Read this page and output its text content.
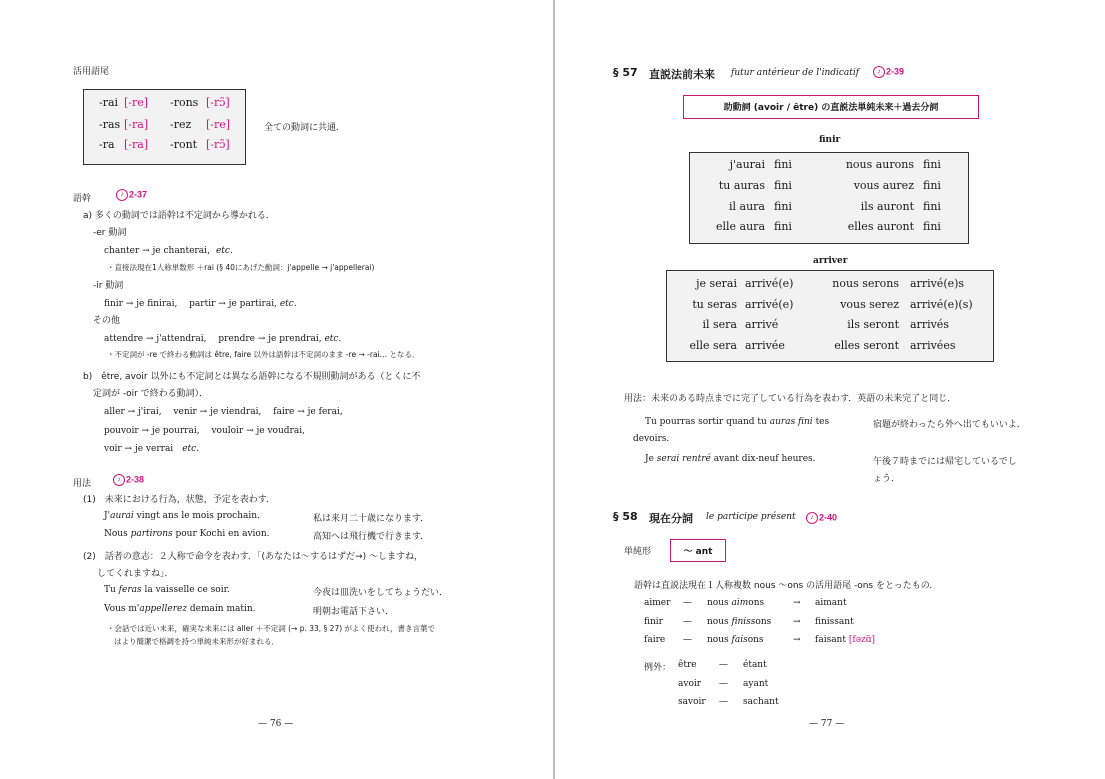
活用語尾
-rai [-re] -rons [-rɔ̃]
-ras [-ra] -rez [-re]
-ra [-ra] -ront [-rɔ̃]
全ての動詞に共通．
語幹	♪ 2-37
a) 多くの動詞では語幹は不定詞から導かれる．
-er 動詞
chanter → je chanterai，etc.
・直接法現在1人称単数形 ＋rai (§ 40にあげた動詞：j'appelle → j'appellerai)
-ir 動詞
finir → je finirai,　 partir → je partirai, etc.
その他
attendre → j'attendrai,　 prendre → je prendrai, etc.
・不定詞が -re で終わる動詞は être, faire 以外は語幹は不定詞のまま -re → -rai… となる．
b)　être, avoir 以外にも不定詞とは異なる語幹になる不規則動詞がある（とくに不
定詞が -oir で終わる動詞）．
aller → j'irai,　 venir → je viendrai,　 faire → je ferai,
pouvoir → je pourrai,　 vouloir → je voudrai,
voir → je verrai　 etc.
用法	♪ 2-38
(1)　未来における行為，状態，予定を表わす．
J'aurai vingt ans le mois prochain.	私は来月二十歳になります．
Nous partirons pour Kochi en avion.	高知へは飛行機で行きます．
(2)　話者の意志：２人称で命令を表わす．「(あなたは～するはずだ→) ～しますね，
してくれますね」．
Tu feras la vaisselle ce soir.	今夜は皿洗いをしてちょうだい．
Vous m'appellerez demain matin.	明朝お電話下さい．
・会話では近い未来，確実な未来には aller ＋不定詞 (→ p. 33, § 27) がよく使われ，書き言葉で
はより簡潔で格調を持つ単純未来形が好まれる．
— 76 —
§ 57 直説法前未来 futur antérieur de l'indicatif	♪ 2-39
助動詞 (avoir / être) の直説法単純未来＋過去分詞
finir
j'aurai fini	nous aurons fini
tu auras fini	vous aurez fini
il aura fini	ils auront fini
elle aura fini	elles auront fini
arriver
je serai arrivé(e)	nous serons arrivé(e)s
tu seras arrivé(e)	vous serez arrivé(e)(s)
il sera arrivé	ils seront arrivés
elle sera arrivée	elles seront arrivées
用法：未来のある時点までに完了している行為を表わす．英語の未来完了と同じ．
Tu pourras sortir quand tu auras fini tes
devoirs.
宿題が終わったら外へ出てもいいよ．
Je serai rentré avant dix-neuf heures.	午後７時までには帰宅しているでし
ょう．
§ 58 現在分詞 le participe présent	♪ 2-40
単純形	～ ant
語幹は直説法現在１人称複数 nous ～ons の活用語尾 -ons をとったもの．
aimer — nous aimons	→ aimant
finir — nous finissons → finissant
faire — nous faisons	→ faisant [fəzɑ̃]
例外： être — étant
avoir — ayant
savoir — sachant
— 77 —
